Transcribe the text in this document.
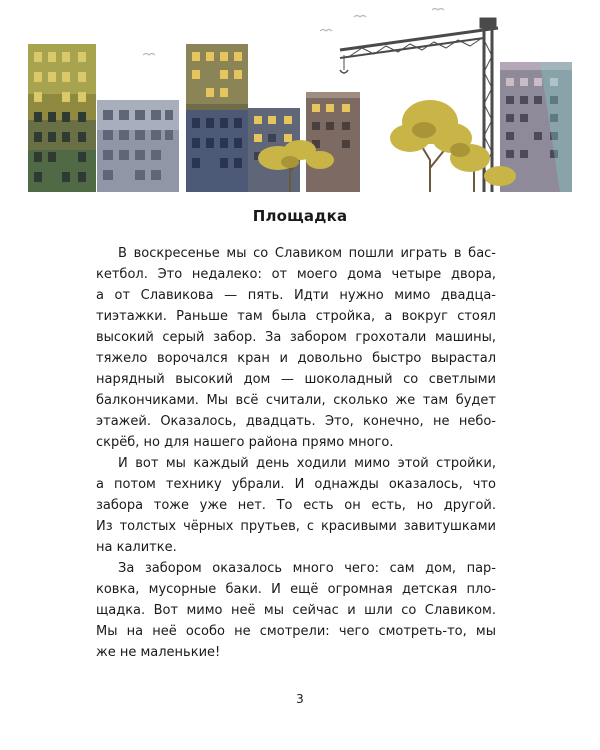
Площадка
В воскресенье мы со Славиком пошли играть в бас-
кетбол. Это недалеко: от моего дома четыре двора,
а от Славикова — пять. Идти нужно мимо двадца-
тиэтажки. Раньше там была стройка, а вокруг стоял
высокий серый забор. За забором грохотали машины,
тяжело ворочался кран и довольно быстро вырастал
нарядный высокий дом — шоколадный со светлыми
балкончиками. Мы всё считали, сколько же там будет
этажей. Оказалось, двадцать. Это, конечно, не небо-
скрёб, но для нашего района прямо много.
И вот мы каждый день ходили мимо этой стройки,
а потом технику убрали. И однажды оказалось, что
забора тоже уже нет. То есть он есть, но другой.
Из толстых чёрных прутьев, с красивыми завитушками
на калитке.
За забором оказалось много чего: сам дом, пар-
ковка, мусорные баки. И ещё огромная детская пло-
щадка. Вот мимо неё мы сейчас и шли со Славиком.
Мы на неё особо не смотрели: чего смотреть-то, мы
же не маленькие!
3
